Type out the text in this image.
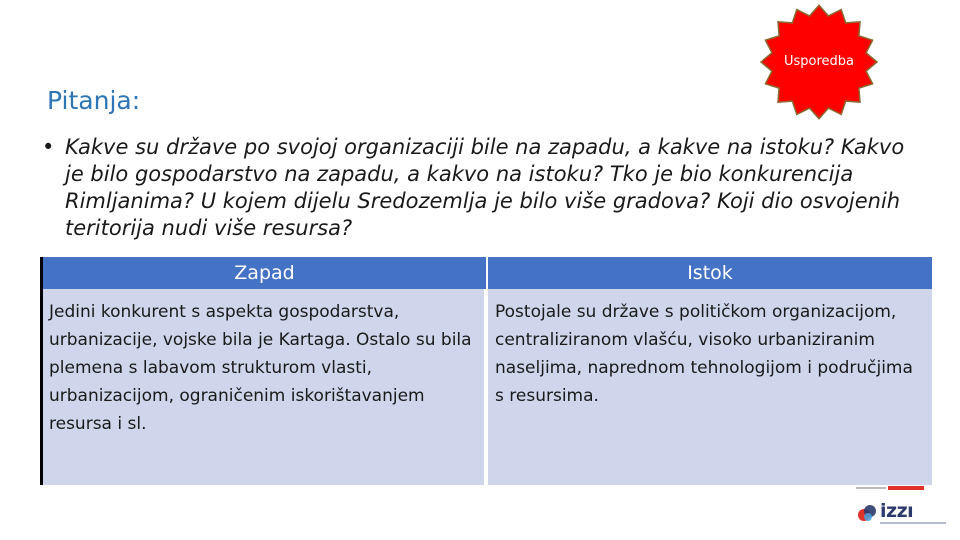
Usporedba
Pitanja:
• Kakve su države po svojoj organizaciji bile na zapadu, a kakve na istoku? Kakvo je bilo gospodarstvo na zapadu, a kakvo na istoku? Tko je bio konkurencija Rimljanima? U kojem dijelu Sredozemlja je bilo više gradova? Koji dio osvojenih teritorija nudi više resursa?
Zapad	Istok
Jedini konkurent s aspekta gospodarstva, urbanizacije, vojske bila je Kartaga. Ostalo su bila plemena s labavom strukturom vlasti, urbanizacijom, ograničenim iskorištavanjem resursa i sl.
Postojale su države s političkom organizacijom, centraliziranom vlašću, visoko urbaniziranim naseljima, naprednom tehnologijom i područjima s resursima.
izzı
